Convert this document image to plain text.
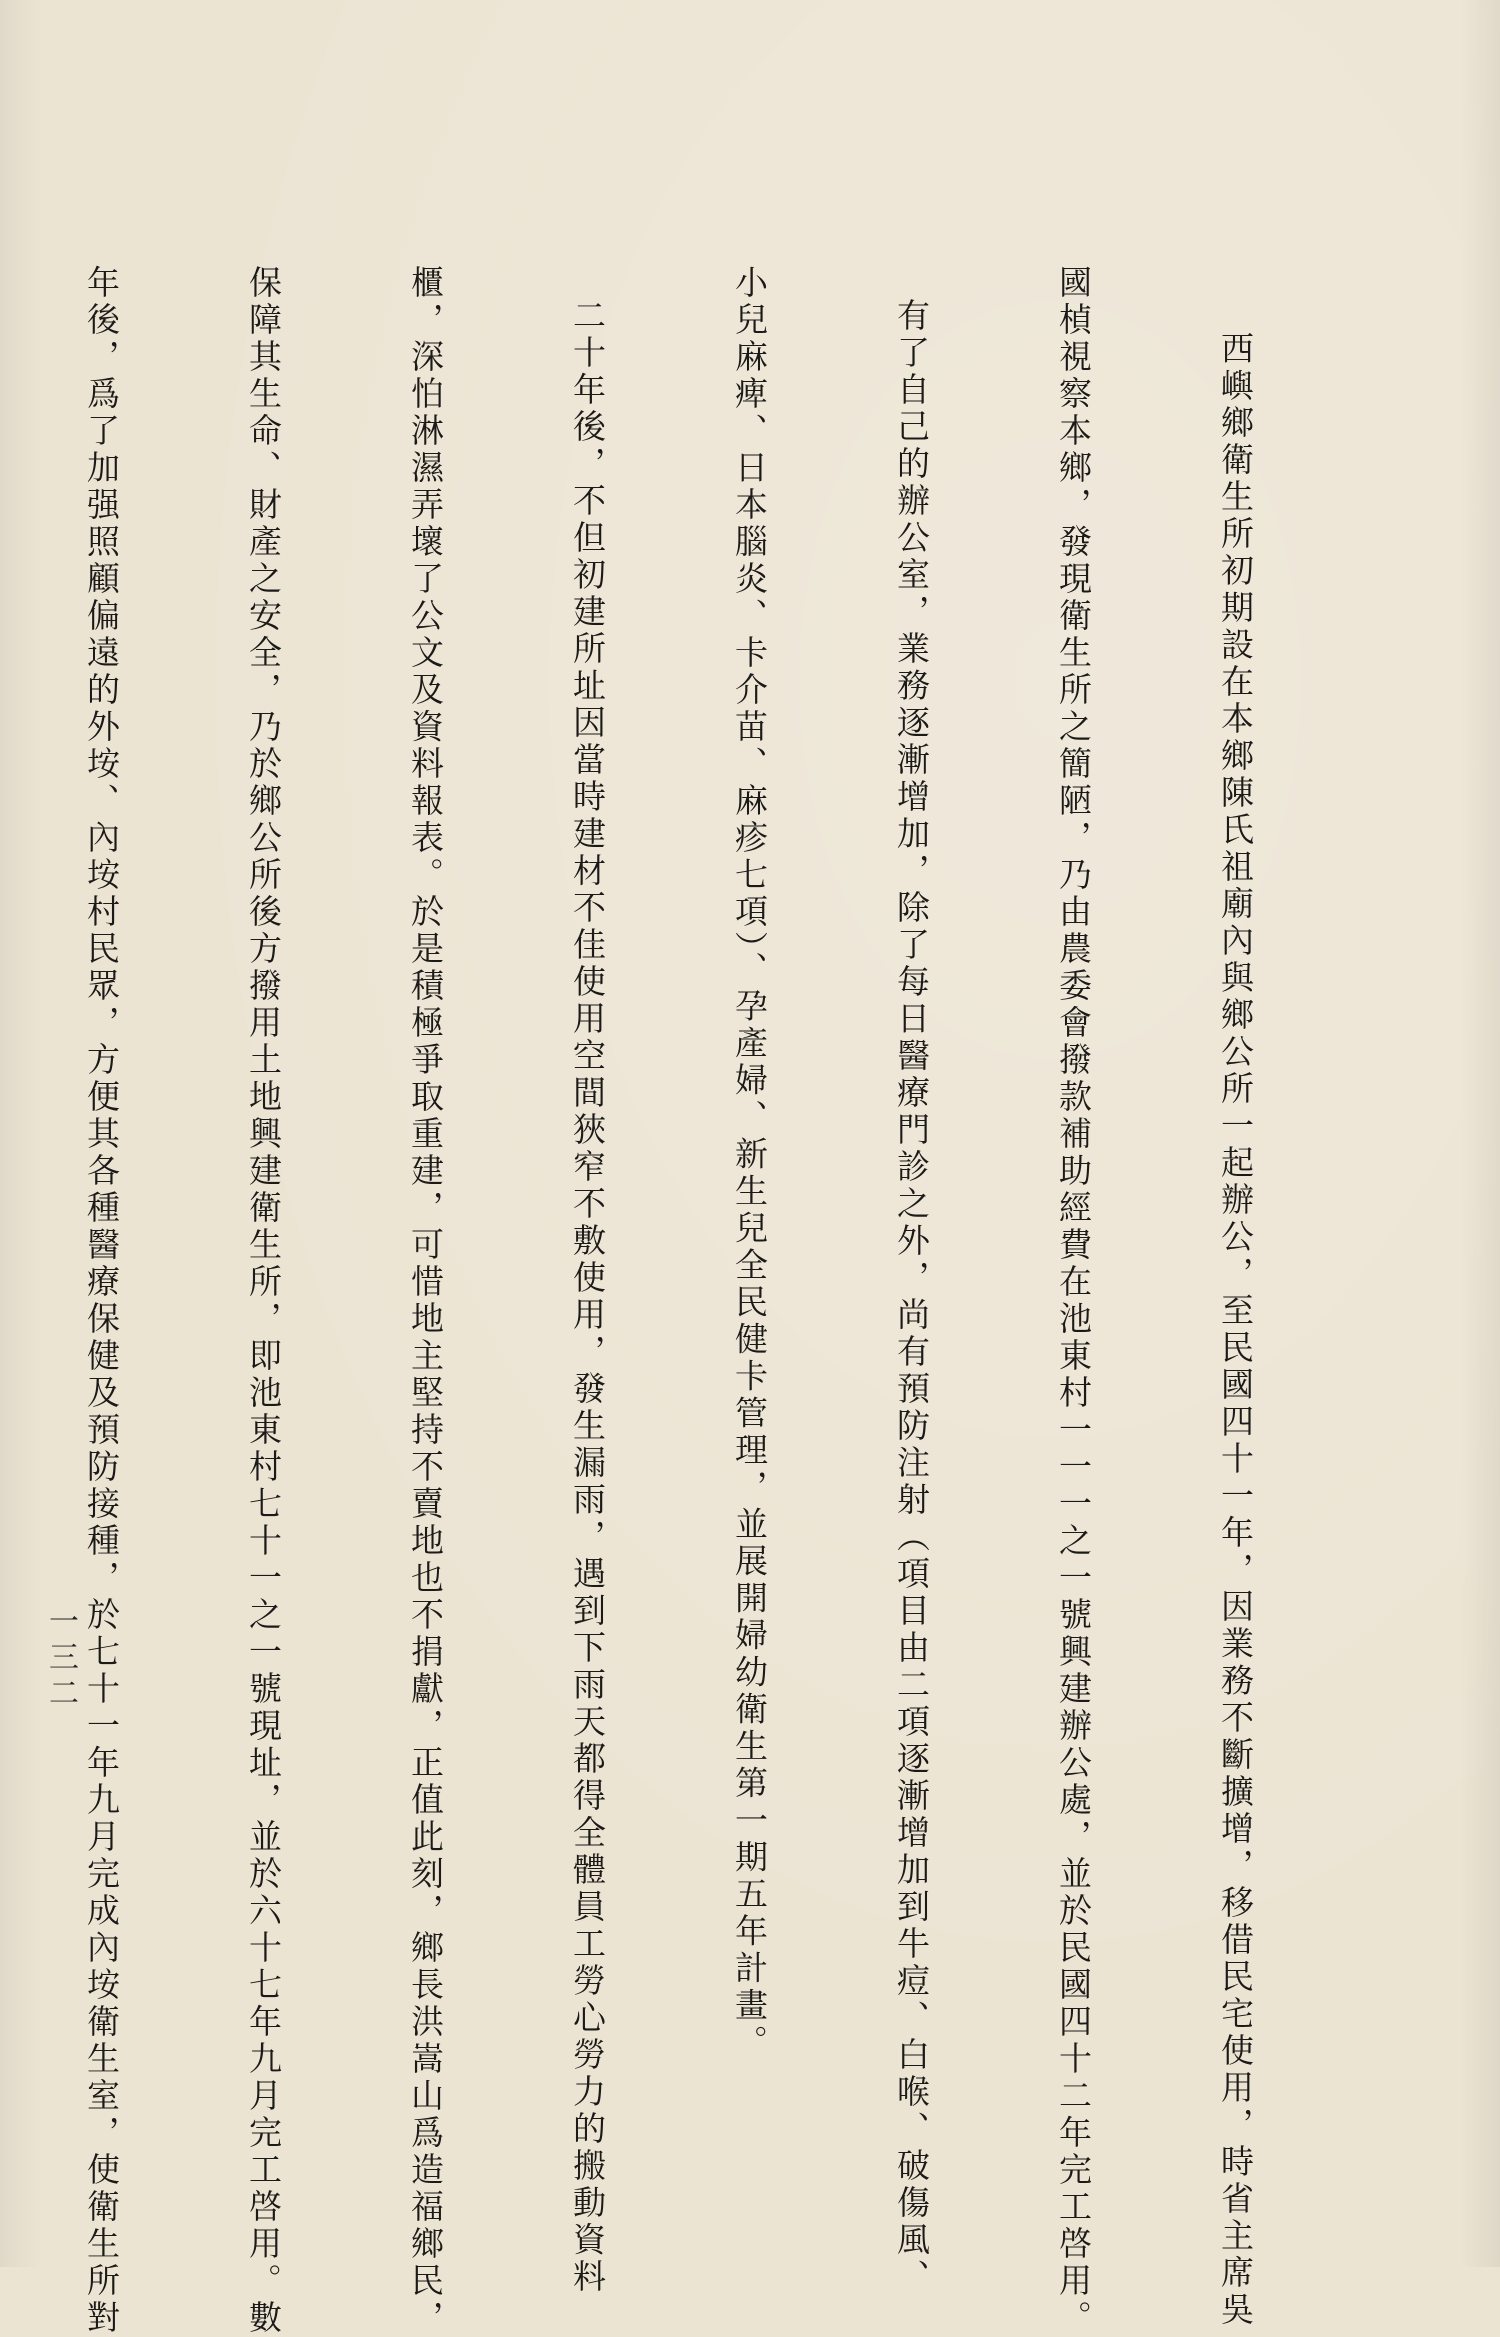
西嶼鄉衛生所初期設在本鄉陳氏祖廟內與鄉公所一起辦公，至民國四十一年，因業務不斷擴增，移借民宅使用，時省主席吳

國楨視察本鄉，發現衛生所之簡陋，乃由農委會撥款補助經費在池東村一一一之一號興建辦公處，並於民國四十二年完工啓用。

有了自己的辦公室，業務逐漸增加，除了每日醫療門診之外，尚有預防注射（項目由二項逐漸增加到牛痘、白喉、破傷風、

小兒麻痺、日本腦炎、卡介苗、麻疹七項）、孕產婦、新生兒全民健卡管理，並展開婦幼衛生第一期五年計畫。

二十年後，不但初建所址因當時建材不佳使用空間狹窄不敷使用，發生漏雨，遇到下雨天都得全體員工勞心勞力的搬動資料

櫃，深怕淋濕弄壞了公文及資料報表。於是積極爭取重建，可惜地主堅持不賣地也不捐獻，正值此刻，鄉長洪嵩山爲造福鄉民，

保障其生命、財產之安全，乃於鄉公所後方撥用土地興建衛生所，即池東村七十一之一號現址，並於六十七年九月完工啓用。數

年後，爲了加强照顧偏遠的外垵、內垵村民眾，方便其各種醫療保健及預防接種，於七十一年九月完成內垵衛生室，使衛生所對

一三二
